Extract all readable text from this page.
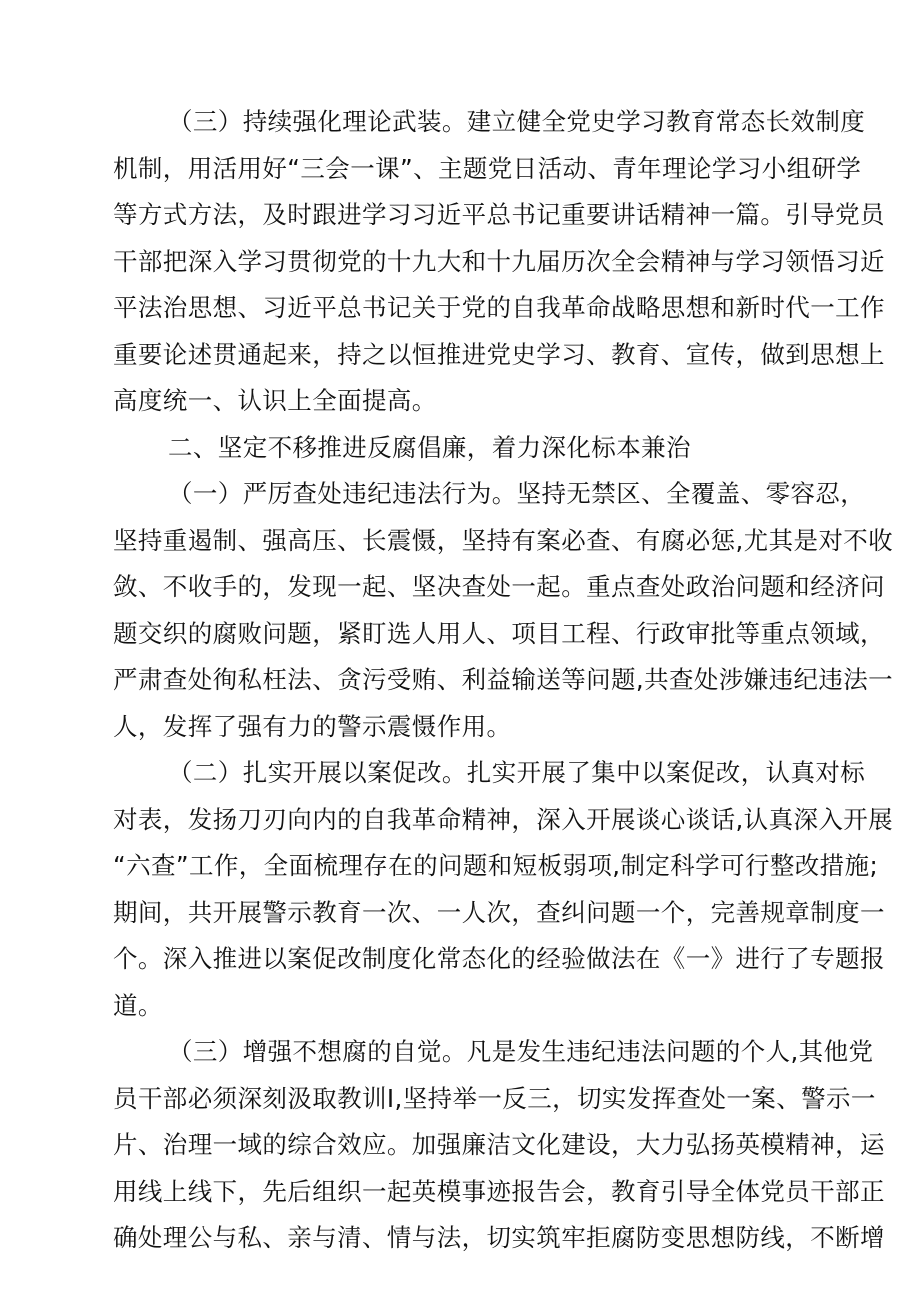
（三）持续强化理论武装。建立健全党史学习教育常态长效制度
机制，用活用好“三会一课”、主题党日活动、青年理论学习小组研学
等方式方法，及时跟进学习习近平总书记重要讲话精神一篇。引导党员
干部把深入学习贯彻党的十九大和十九届历次全会精神与学习领悟习近
平法治思想、习近平总书记关于党的自我革命战略思想和新时代一工作
重要论述贯通起来，持之以恒推进党史学习、教育、宣传，做到思想上
高度统一、认识上全面提高。
二、坚定不移推进反腐倡廉，着力深化标本兼治
（一）严厉查处违纪违法行为。坚持无禁区、全覆盖、零容忍，
坚持重遏制、强高压、长震慑，坚持有案必查、有腐必惩,尤其是对不收
敛、不收手的，发现一起、坚决查处一起。重点查处政治问题和经济问
题交织的腐败问题，紧盯选人用人、项目工程、行政审批等重点领域，
严肃查处徇私枉法、贪污受贿、利益输送等问题,共查处涉嫌违纪违法一
人，发挥了强有力的警示震慑作用。
（二）扎实开展以案促改。扎实开展了集中以案促改，认真对标
对表，发扬刀刃向内的自我革命精神，深入开展谈心谈话,认真深入开展
“六查”工作，全面梳理存在的问题和短板弱项,制定科学可行整改措施;
期间，共开展警示教育一次、一人次，查纠问题一个，完善规章制度一
个。深入推进以案促改制度化常态化的经验做法在《一》进行了专题报
道。
（三）增强不想腐的自觉。凡是发生违纪违法问题的个人,其他党
员干部必须深刻汲取教训I,坚持举一反三，切实发挥查处一案、警示一
片、治理一域的综合效应。加强廉洁文化建设，大力弘扬英模精神，运
用线上线下，先后组织一起英模事迹报告会，教育引导全体党员干部正
确处理公与私、亲与清、情与法，切实筑牢拒腐防变思想防线，不断增
